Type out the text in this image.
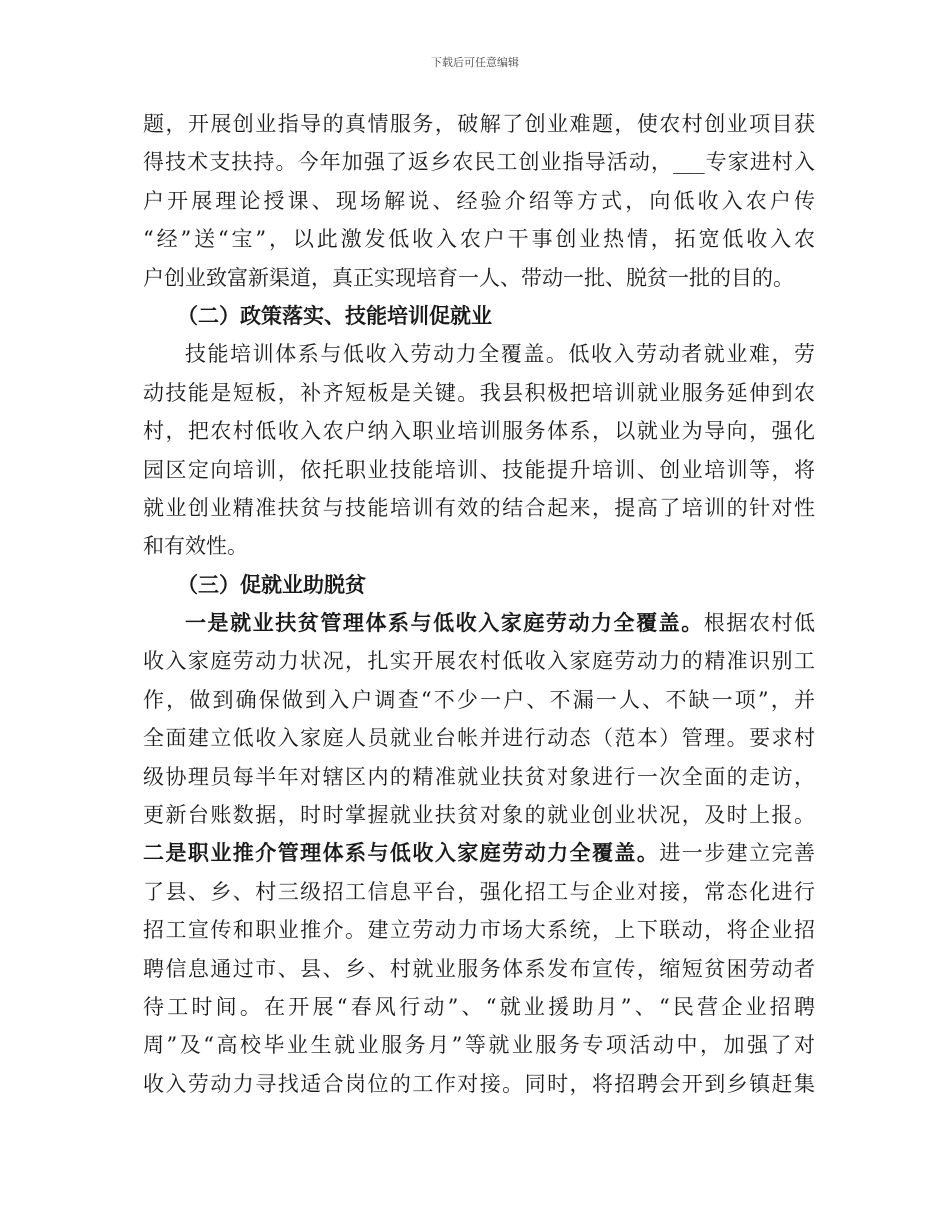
下载后可任意编辑
题，开展创业指导的真情服务，破解了创业难题，使农村创业项目获
得技术支扶持。今年加强了返乡农民工创业指导活动，___专家进村入
户开展理论授课、现场解说、经验介绍等方式，向低收入农户传
“经”送“宝”，以此激发低收入农户干事创业热情，拓宽低收入农
户创业致富新渠道，真正实现培育一人、带动一批、脱贫一批的目的。
（二）政策落实、技能培训促就业
技能培训体系与低收入劳动力全覆盖。低收入劳动者就业难，劳
动技能是短板，补齐短板是关键。我县积极把培训就业服务延伸到农
村，把农村低收入农户纳入职业培训服务体系，以就业为导向，强化
园区定向培训，依托职业技能培训、技能提升培训、创业培训等，将
就业创业精准扶贫与技能培训有效的结合起来，提高了培训的针对性
和有效性。
（三）促就业助脱贫
一是就业扶贫管理体系与低收入家庭劳动力全覆盖。根据农村低
收入家庭劳动力状况，扎实开展农村低收入家庭劳动力的精准识别工
作，做到确保做到入户调查“不少一户、不漏一人、不缺一项”，并
全面建立低收入家庭人员就业台帐并进行动态（范本）管理。要求村
级协理员每半年对辖区内的精准就业扶贫对象进行一次全面的走访，
更新台账数据，时时掌握就业扶贫对象的就业创业状况，及时上报。
二是职业推介管理体系与低收入家庭劳动力全覆盖。进一步建立完善
了县、乡、村三级招工信息平台，强化招工与企业对接，常态化进行
招工宣传和职业推介。建立劳动力市场大系统，上下联动，将企业招
聘信息通过市、县、乡、村就业服务体系发布宣传，缩短贫困劳动者
待工时间。在开展“春风行动”、“就业援助月”、“民营企业招聘
周”及“高校毕业生就业服务月”等就业服务专项活动中，加强了对
收入劳动力寻找适合岗位的工作对接。同时，将招聘会开到乡镇赶集
